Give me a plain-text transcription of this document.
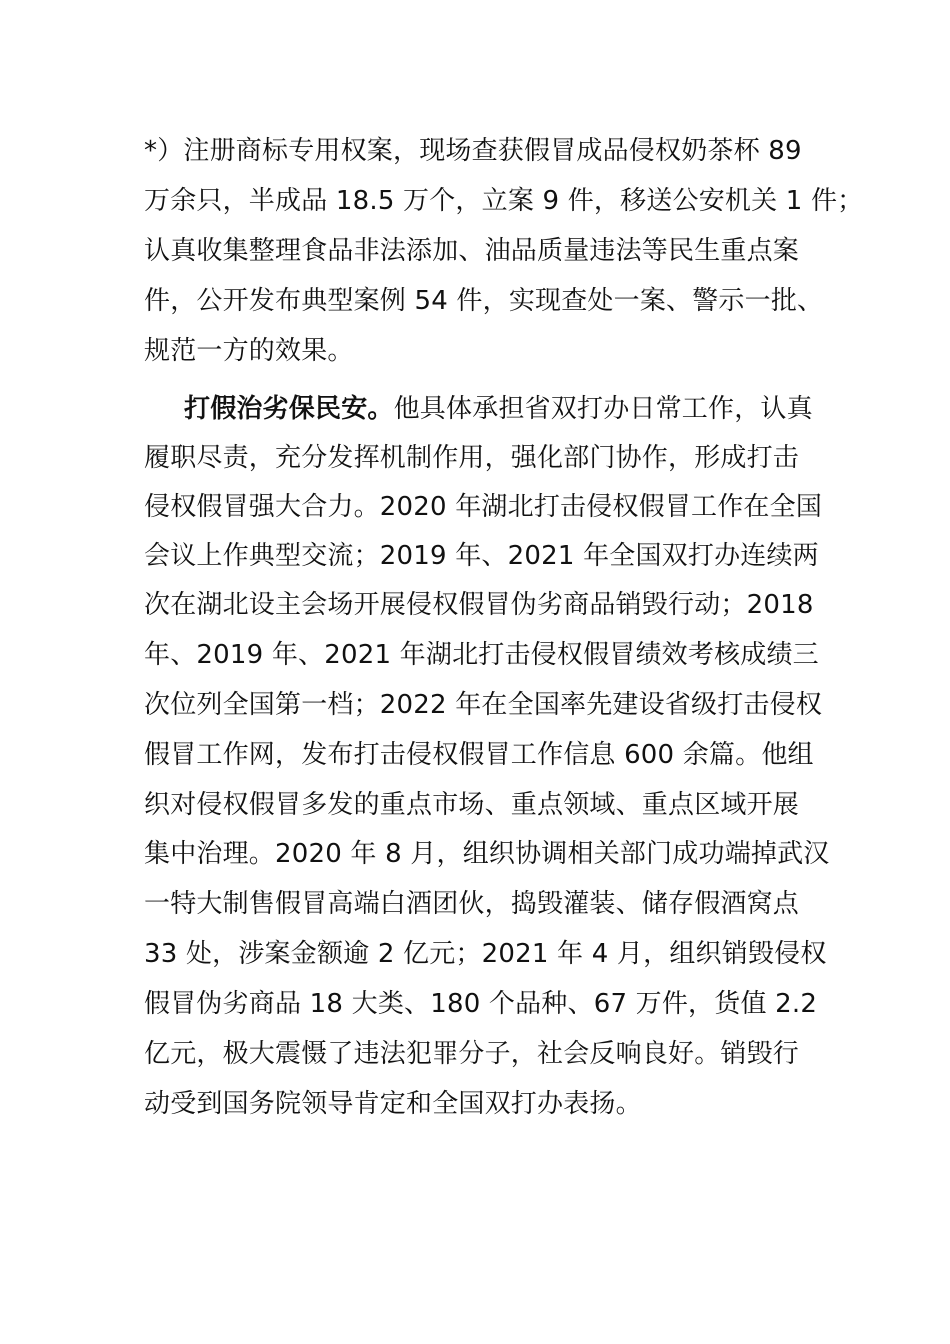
*）注册商标专用权案，现场查获假冒成品侵权奶茶杯 89
万余只，半成品 18.5 万个，立案 9 件，移送公安机关 1 件；
认真收集整理食品非法添加、油品质量违法等民生重点案
件，公开发布典型案例 54 件，实现查处一案、警示一批、
规范一方的效果。
打假治劣保民安。他具体承担省双打办日常工作，认真
履职尽责，充分发挥机制作用，强化部门协作，形成打击
侵权假冒强大合力。2020 年湖北打击侵权假冒工作在全国
会议上作典型交流；2019 年、2021 年全国双打办连续两
次在湖北设主会场开展侵权假冒伪劣商品销毁行动；2018
年、2019 年、2021 年湖北打击侵权假冒绩效考核成绩三
次位列全国第一档；2022 年在全国率先建设省级打击侵权
假冒工作网，发布打击侵权假冒工作信息 600 余篇。他组
织对侵权假冒多发的重点市场、重点领域、重点区域开展
集中治理。2020 年 8 月，组织协调相关部门成功端掉武汉
一特大制售假冒高端白酒团伙，捣毁灌装、储存假酒窝点
33 处，涉案金额逾 2 亿元；2021 年 4 月，组织销毁侵权
假冒伪劣商品 18 大类、180 个品种、67 万件，货值 2.2
亿元，极大震慑了违法犯罪分子，社会反响良好。销毁行
动受到国务院领导肯定和全国双打办表扬。
